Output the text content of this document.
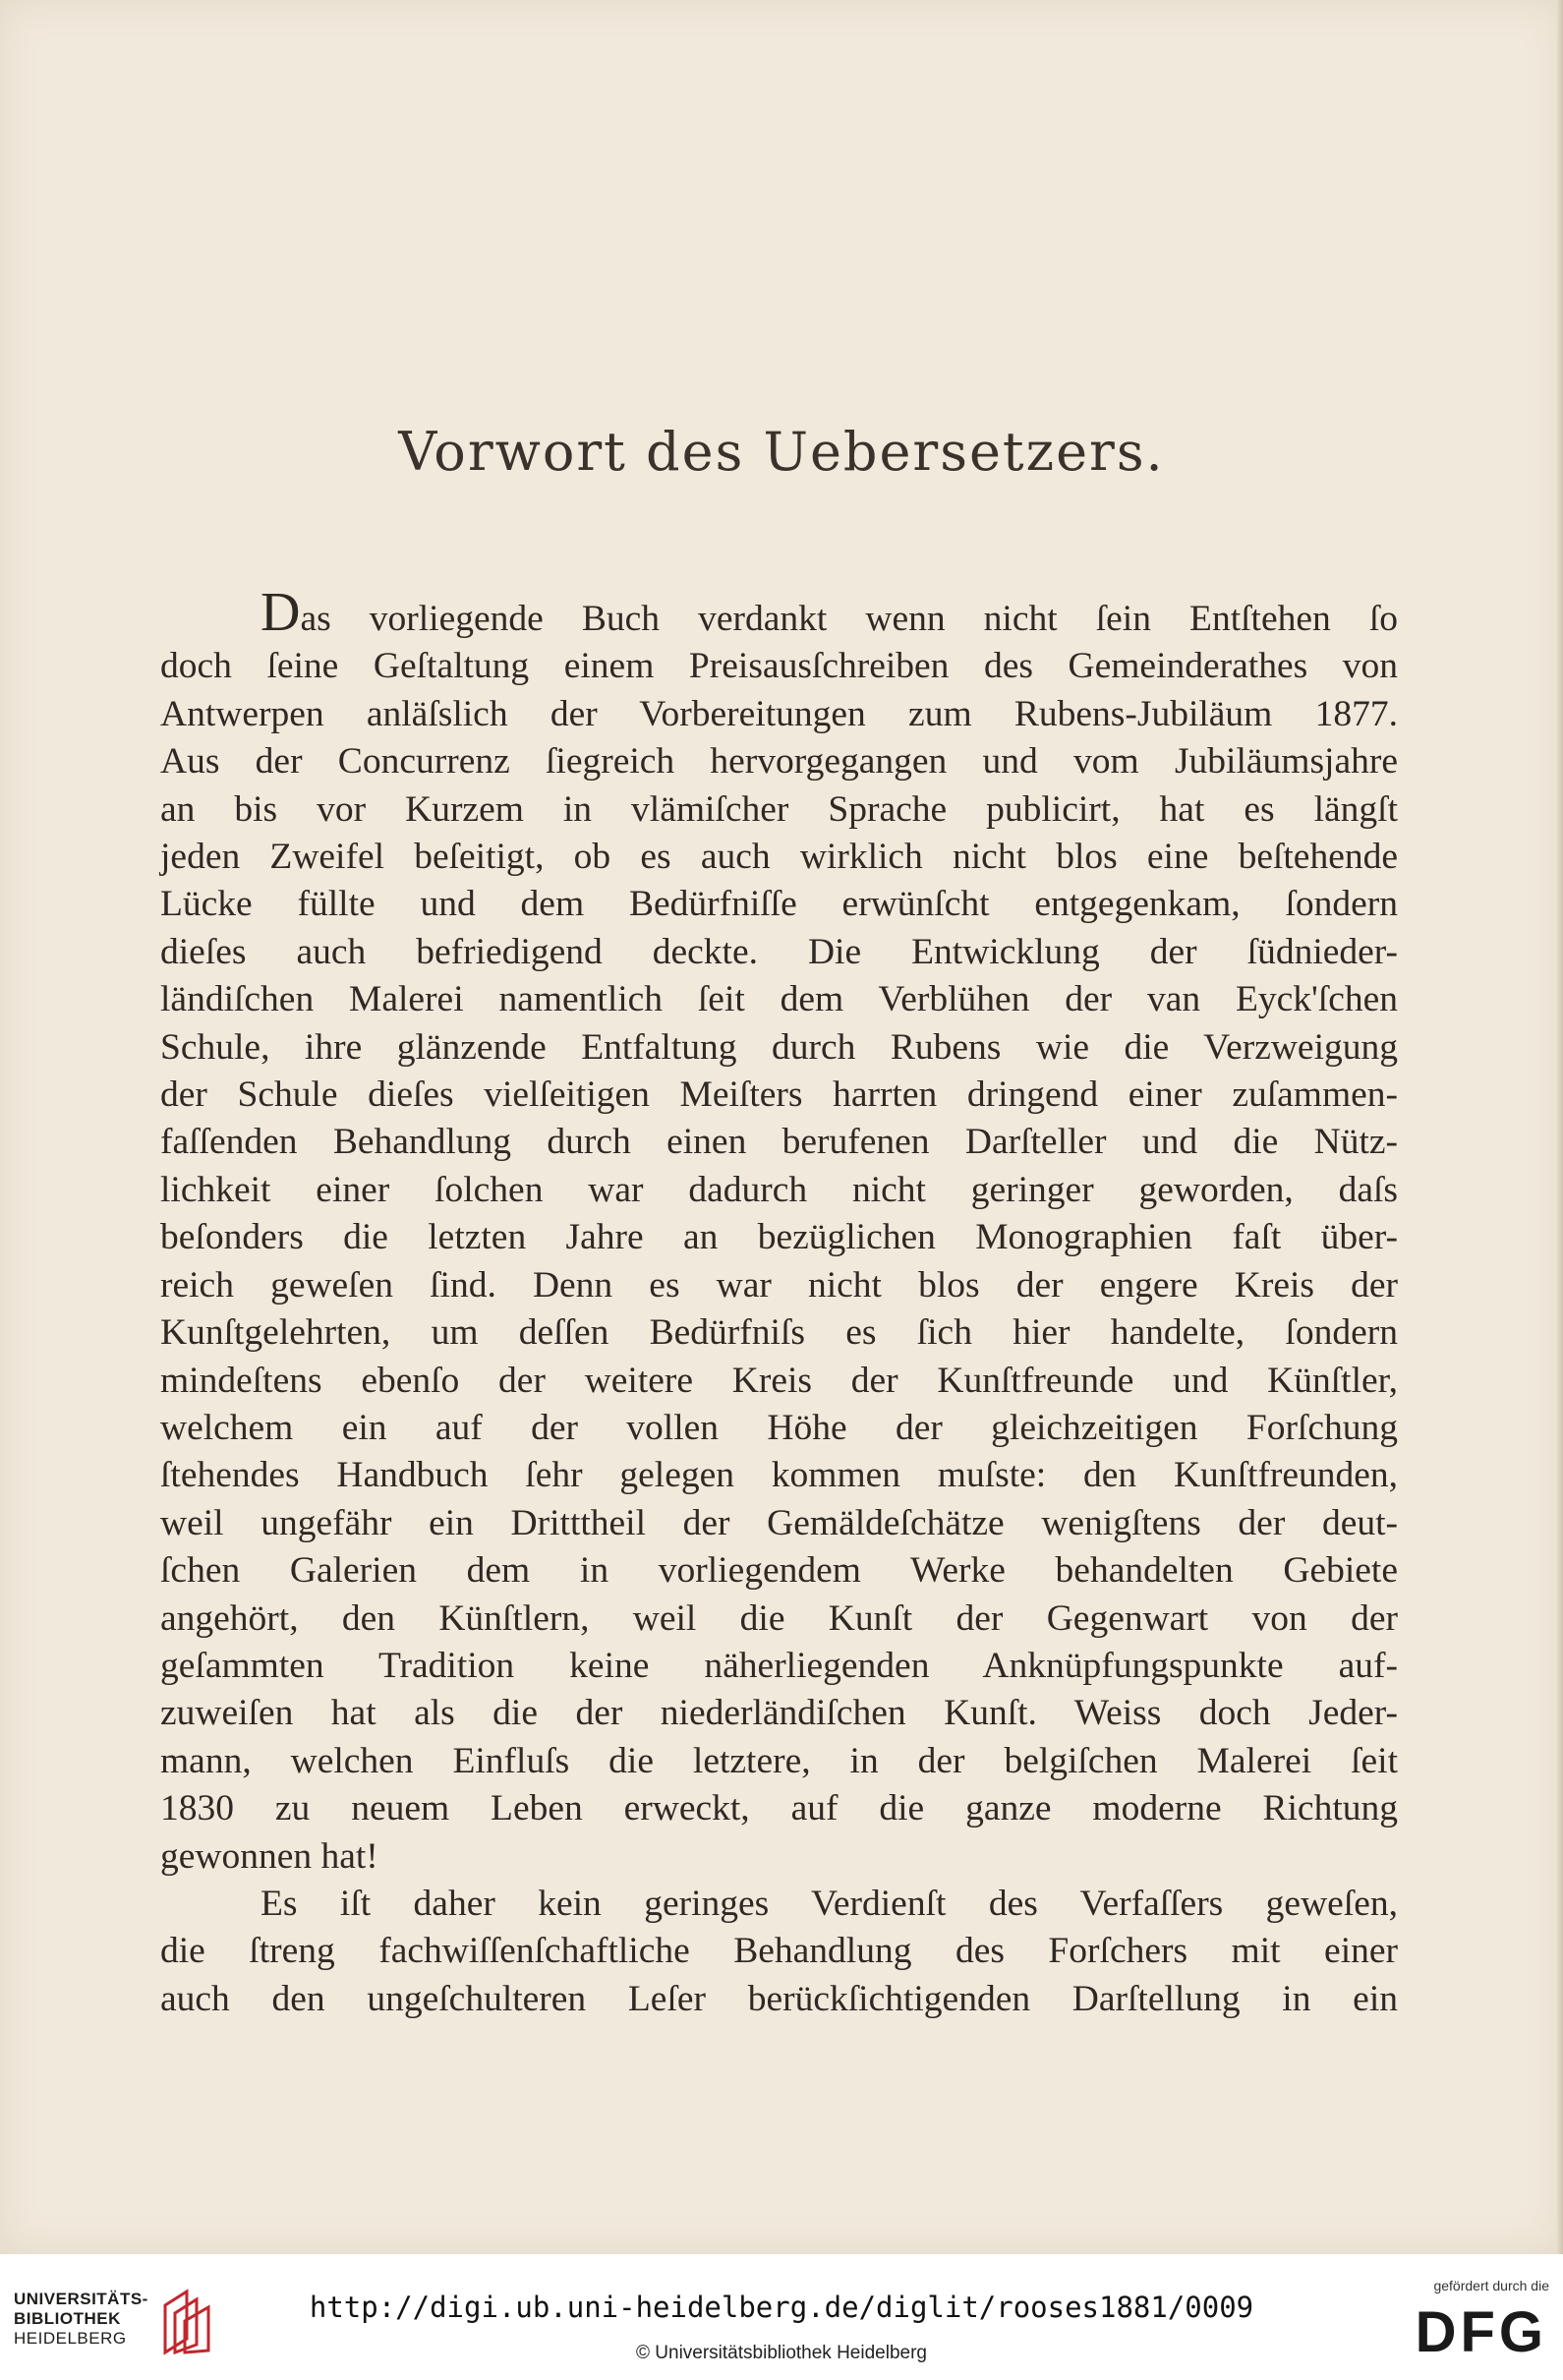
Vorwort des Uebersetzers.
Das vorliegende Buch verdankt wenn nicht ſein Entſtehen ſo
doch ſeine Geſtaltung einem Preisausſchreiben des Gemeinderathes von
Antwerpen anläſslich der Vorbereitungen zum Rubens-Jubiläum 1877.
Aus der Concurrenz ſiegreich hervorgegangen und vom Jubiläumsjahre
an bis vor Kurzem in vlämiſcher Sprache publicirt, hat es längſt
jeden Zweifel beſeitigt, ob es auch wirklich nicht blos eine beſtehende
Lücke füllte und dem Bedürfniſſe erwünſcht entgegenkam, ſondern
dieſes auch befriedigend deckte. Die Entwicklung der ſüdnieder-
ländiſchen Malerei namentlich ſeit dem Verblühen der van Eyck'ſchen
Schule, ihre glänzende Entfaltung durch Rubens wie die Verzweigung
der Schule dieſes vielſeitigen Meiſters harrten dringend einer zuſammen-
faſſenden Behandlung durch einen berufenen Darſteller und die Nütz-
lichkeit einer ſolchen war dadurch nicht geringer geworden, daſs
beſonders die letzten Jahre an bezüglichen Monographien faſt über-
reich geweſen ſind. Denn es war nicht blos der engere Kreis der
Kunſtgelehrten, um deſſen Bedürfniſs es ſich hier handelte, ſondern
mindeſtens ebenſo der weitere Kreis der Kunſtfreunde und Künſtler,
welchem ein auf der vollen Höhe der gleichzeitigen Forſchung
ſtehendes Handbuch ſehr gelegen kommen muſste: den Kunſtfreunden,
weil ungefähr ein Dritttheil der Gemäldeſchätze wenigſtens der deut-
ſchen Galerien dem in vorliegendem Werke behandelten Gebiete
angehört, den Künſtlern, weil die Kunſt der Gegenwart von der
geſammten Tradition keine näherliegenden Anknüpfungspunkte auf-
zuweiſen hat als die der niederländiſchen Kunſt. Weiss doch Jeder-
mann, welchen Einfluſs die letztere, in der belgiſchen Malerei ſeit
1830 zu neuem Leben erweckt, auf die ganze moderne Richtung
gewonnen hat!
Es iſt daher kein geringes Verdienſt des Verfaſſers geweſen,
die ſtreng fachwiſſenſchaftliche Behandlung des Forſchers mit einer
auch den ungeſchulteren Leſer berückſichtigenden Darſtellung in ein
UNIVERSITÄTS-
BIBLIOTHEK
HEIDELBERG
http://digi.ub.uni-heidelberg.de/diglit/rooses1881/0009
© Universitätsbibliothek Heidelberg
gefördert durch die
DFG
